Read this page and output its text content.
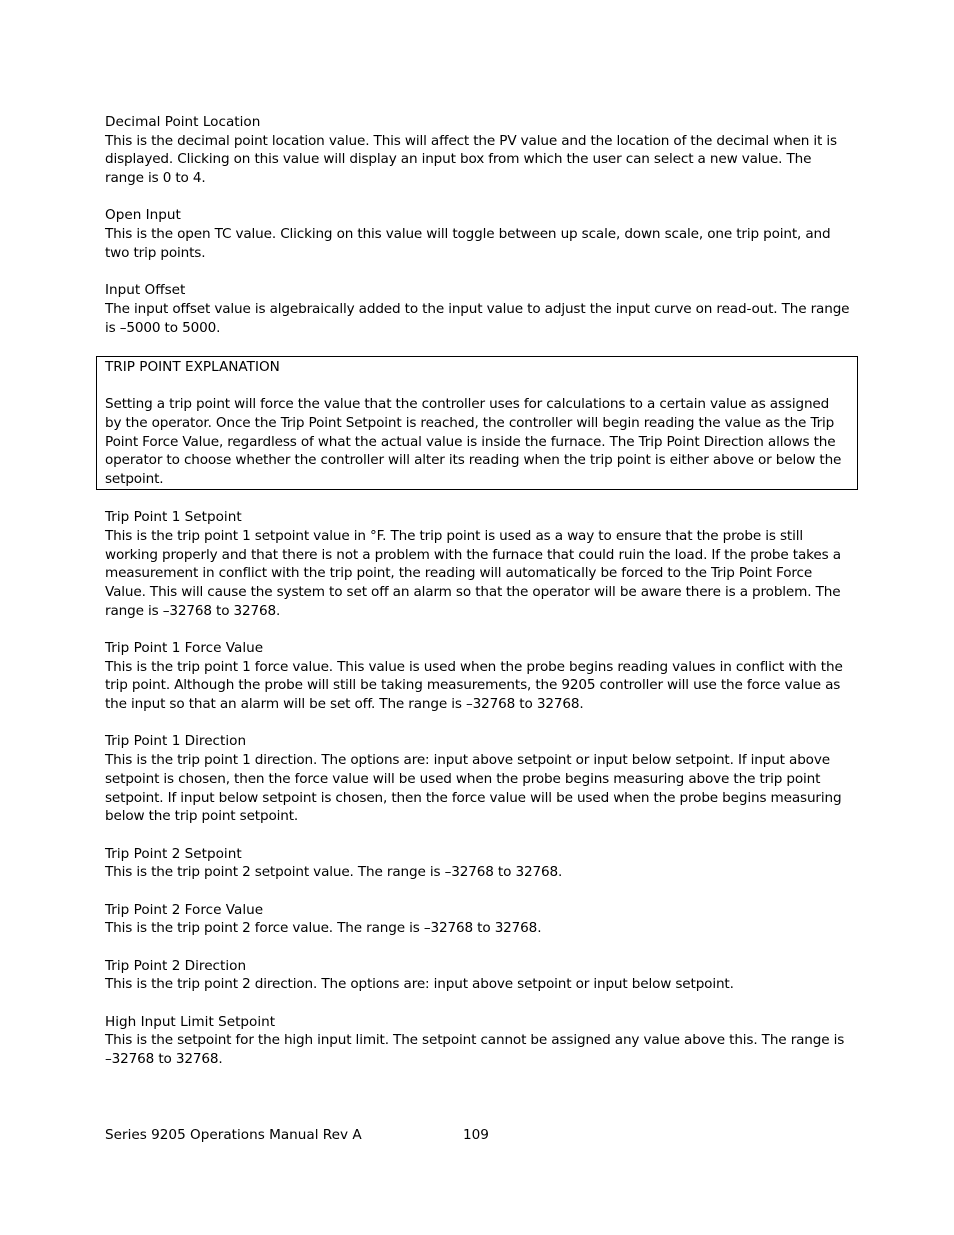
Decimal Point Location
This is the decimal point location value. This will affect the PV value and the location of the decimal when it is displayed. Clicking on this value will display an input box from which the user can select a new value. The range is 0 to 4.
Open Input
This is the open TC value. Clicking on this value will toggle between up scale, down scale, one trip point, and two trip points.
Input Offset
The input offset value is algebraically added to the input value to adjust the input curve on read-out. The range is –5000 to 5000.
TRIP POINT EXPLANATION
Setting a trip point will force the value that the controller uses for calculations to a certain value as assigned by the operator. Once the Trip Point Setpoint is reached, the controller will begin reading the value as the Trip Point Force Value, regardless of what the actual value is inside the furnace. The Trip Point Direction allows the operator to choose whether the controller will alter its reading when the trip point is either above or below the setpoint.
Trip Point 1 Setpoint
This is the trip point 1 setpoint value in °F. The trip point is used as a way to ensure that the probe is still working properly and that there is not a problem with the furnace that could ruin the load. If the probe takes a measurement in conflict with the trip point, the reading will automatically be forced to the Trip Point Force Value. This will cause the system to set off an alarm so that the operator will be aware there is a problem. The range is –32768 to 32768.
Trip Point 1 Force Value
This is the trip point 1 force value. This value is used when the probe begins reading values in conflict with the trip point. Although the probe will still be taking measurements, the 9205 controller will use the force value as the input so that an alarm will be set off. The range is –32768 to 32768.
Trip Point 1 Direction
This is the trip point 1 direction. The options are: input above setpoint or input below setpoint. If input above setpoint is chosen, then the force value will be used when the probe begins measuring above the trip point setpoint. If input below setpoint is chosen, then the force value will be used when the probe begins measuring below the trip point setpoint.
Trip Point 2 Setpoint
This is the trip point 2 setpoint value. The range is –32768 to 32768.
Trip Point 2 Force Value
This is the trip point 2 force value. The range is –32768 to 32768.
Trip Point 2 Direction
This is the trip point 2 direction. The options are: input above setpoint or input below setpoint.
High Input Limit Setpoint
This is the setpoint for the high input limit. The setpoint cannot be assigned any value above this. The range is –32768 to 32768.
Series 9205 Operations Manual Rev A	109
